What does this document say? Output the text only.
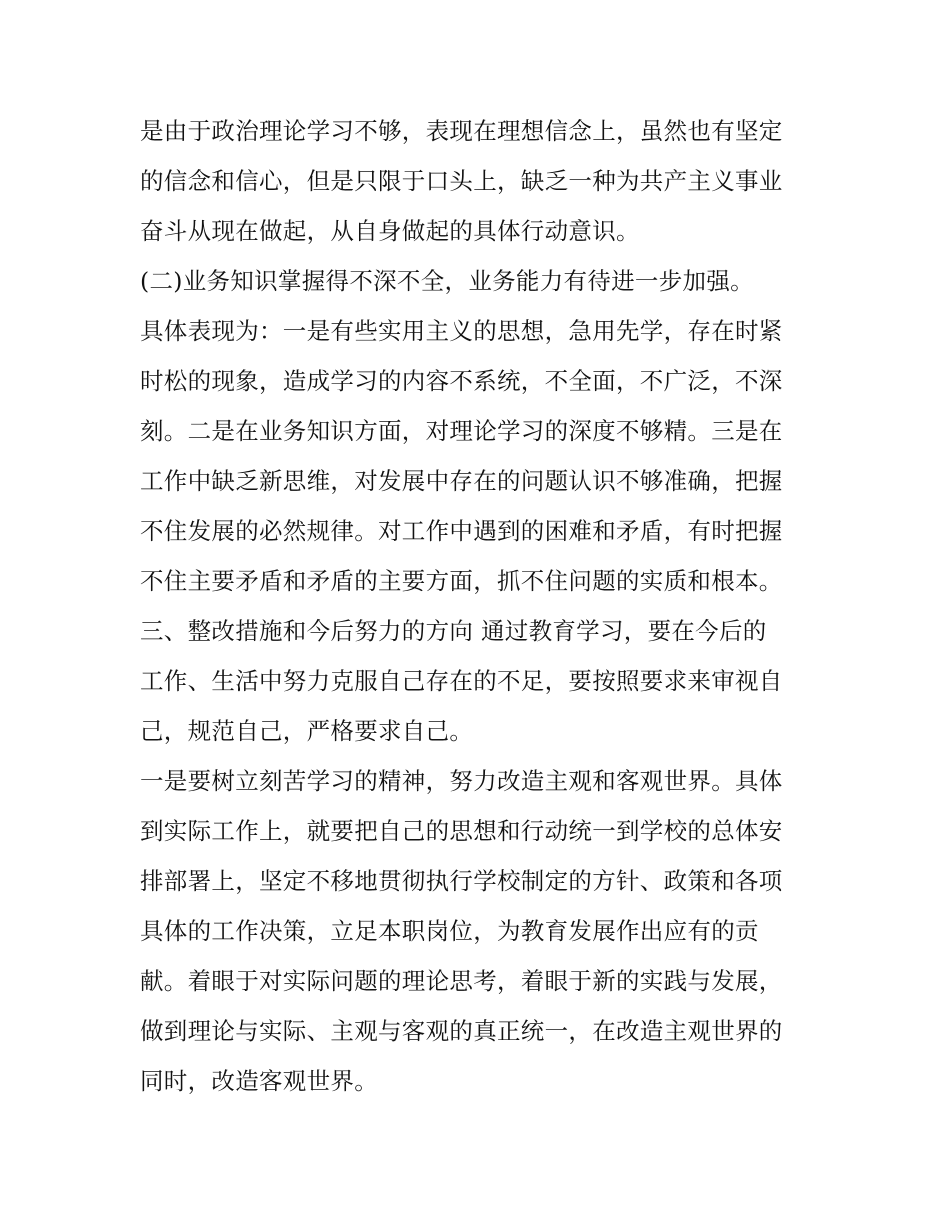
是由于政治理论学习不够，表现在理想信念上，虽然也有坚定
的信念和信心，但是只限于口头上，缺乏一种为共产主义事业
奋斗从现在做起，从自身做起的具体行动意识。
(二)业务知识掌握得不深不全，业务能力有待进一步加强。
具体表现为：一是有些实用主义的思想，急用先学，存在时紧
时松的现象，造成学习的内容不系统，不全面，不广泛，不深
刻。二是在业务知识方面，对理论学习的深度不够精。三是在
工作中缺乏新思维，对发展中存在的问题认识不够准确，把握
不住发展的必然规律。对工作中遇到的困难和矛盾，有时把握
不住主要矛盾和矛盾的主要方面，抓不住问题的实质和根本。
三、整改措施和今后努力的方向 通过教育学习，要在今后的
工作、生活中努力克服自己存在的不足，要按照要求来审视自
己，规范自己，严格要求自己。
一是要树立刻苦学习的精神，努力改造主观和客观世界。具体
到实际工作上，就要把自己的思想和行动统一到学校的总体安
排部署上，坚定不移地贯彻执行学校制定的方针、政策和各项
具体的工作决策，立足本职岗位，为教育发展作出应有的贡
献。着眼于对实际问题的理论思考，着眼于新的实践与发展，
做到理论与实际、主观与客观的真正统一，在改造主观世界的
同时，改造客观世界。
